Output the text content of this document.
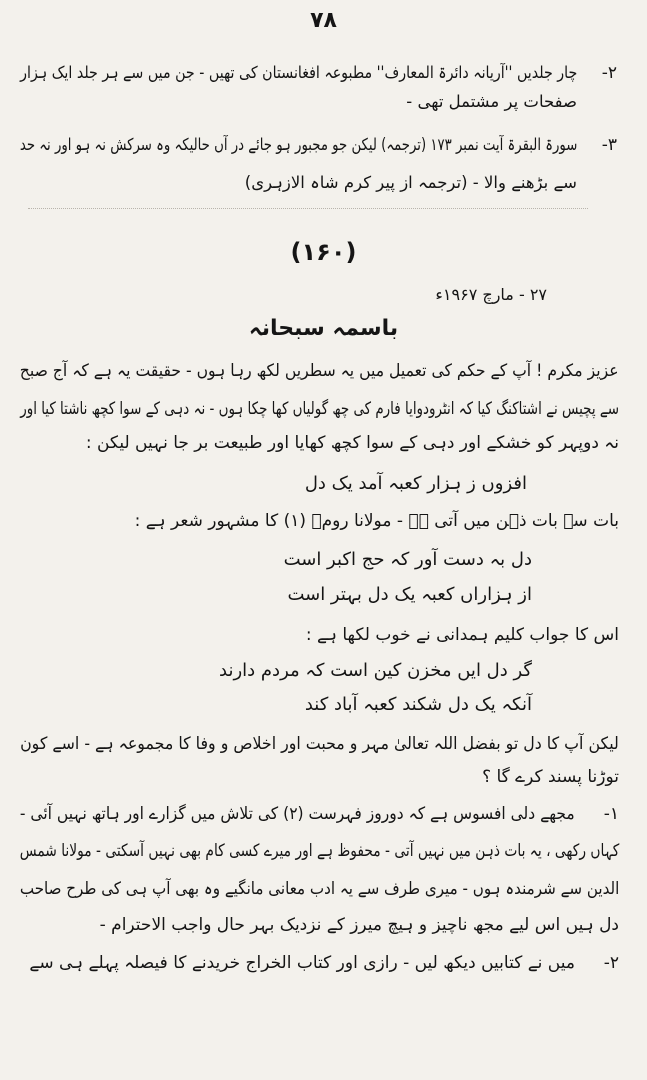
۷۸
۲-
چار جلدیں ''آریانہ دائرۃ المعارف'' مطبوعہ افغانستان کی تھیں - جن میں سے ہر جلد ایک ہزار
صفحات پر مشتمل تھی -
۳-
سورۃ البقرۃ آیت نمبر ۱۷۳ (ترجمہ) لیکن جو مجبور ہو جائے در آں حالیکہ وہ سرکش نہ ہو اور نہ حد
سے بڑھنے والا - (ترجمہ از پیر کرم شاہ الازہری)
(۱۶۰)
۲۷ - مارچ ۱۹۶۷ء
باسمہ سبحانہ
عزیز مکرم ! آپ کے حکم کی تعمیل میں یہ سطریں لکھ رہا ہوں - حقیقت یہ ہے کہ آج صبح
سے پچیس نے اشتاکنگ کیا کہ انٹرودوایا فارم کی چھ گولیاں کھا چکا ہوں - نہ دہی کے سوا کچھ ناشتا کیا اور
نہ دوپہر کو خشکے اور دہی کے سوا کچھ کھایا اور طبیعت بر جا نہیں لیکن :
افزوں ز ہزار کعبہ آمد یک دل
بات سے بات ذہن میں آتی ہے - مولانا رومؒ (۱) کا مشہور شعر ہے :
دل بہ دست آور کہ حج اکبر است
از ہزاراں کعبہ یک دل بہتر است
اس کا جواب کلیم ہمدانی نے خوب لکھا ہے :
گر دل ایں مخزن کین است کہ مردم دارند
آنکہ یک دل شکند کعبہ آباد کند
لیکن آپ کا دل تو بفضل اللہ تعالیٰ مہر و محبت اور اخلاص و وفا کا مجموعہ ہے - اسے کون
توڑنا پسند کرے گا ؟
۱-
مجھے دلی افسوس ہے کہ دوروز فہرست (۲) کی تلاش میں گزارے اور ہاتھ نہیں آئی -
کہاں رکھی ، یہ بات ذہن میں نہیں آتی - محفوظ ہے اور میرے کسی کام بھی نہیں آسکتی - مولانا شمس
الدین سے شرمندہ ہوں - میری طرف سے یہ ادب معانی مانگیے وہ بھی آپ ہی کی طرح صاحب
دل ہیں اس لیے مجھ ناچیز و ہیچ میرز کے نزدیک بہر حال واجب الاحترام -
۲-
میں نے کتابیں دیکھ لیں - رازی اور کتاب الخراج خریدنے کا فیصلہ پہلے ہی سے
